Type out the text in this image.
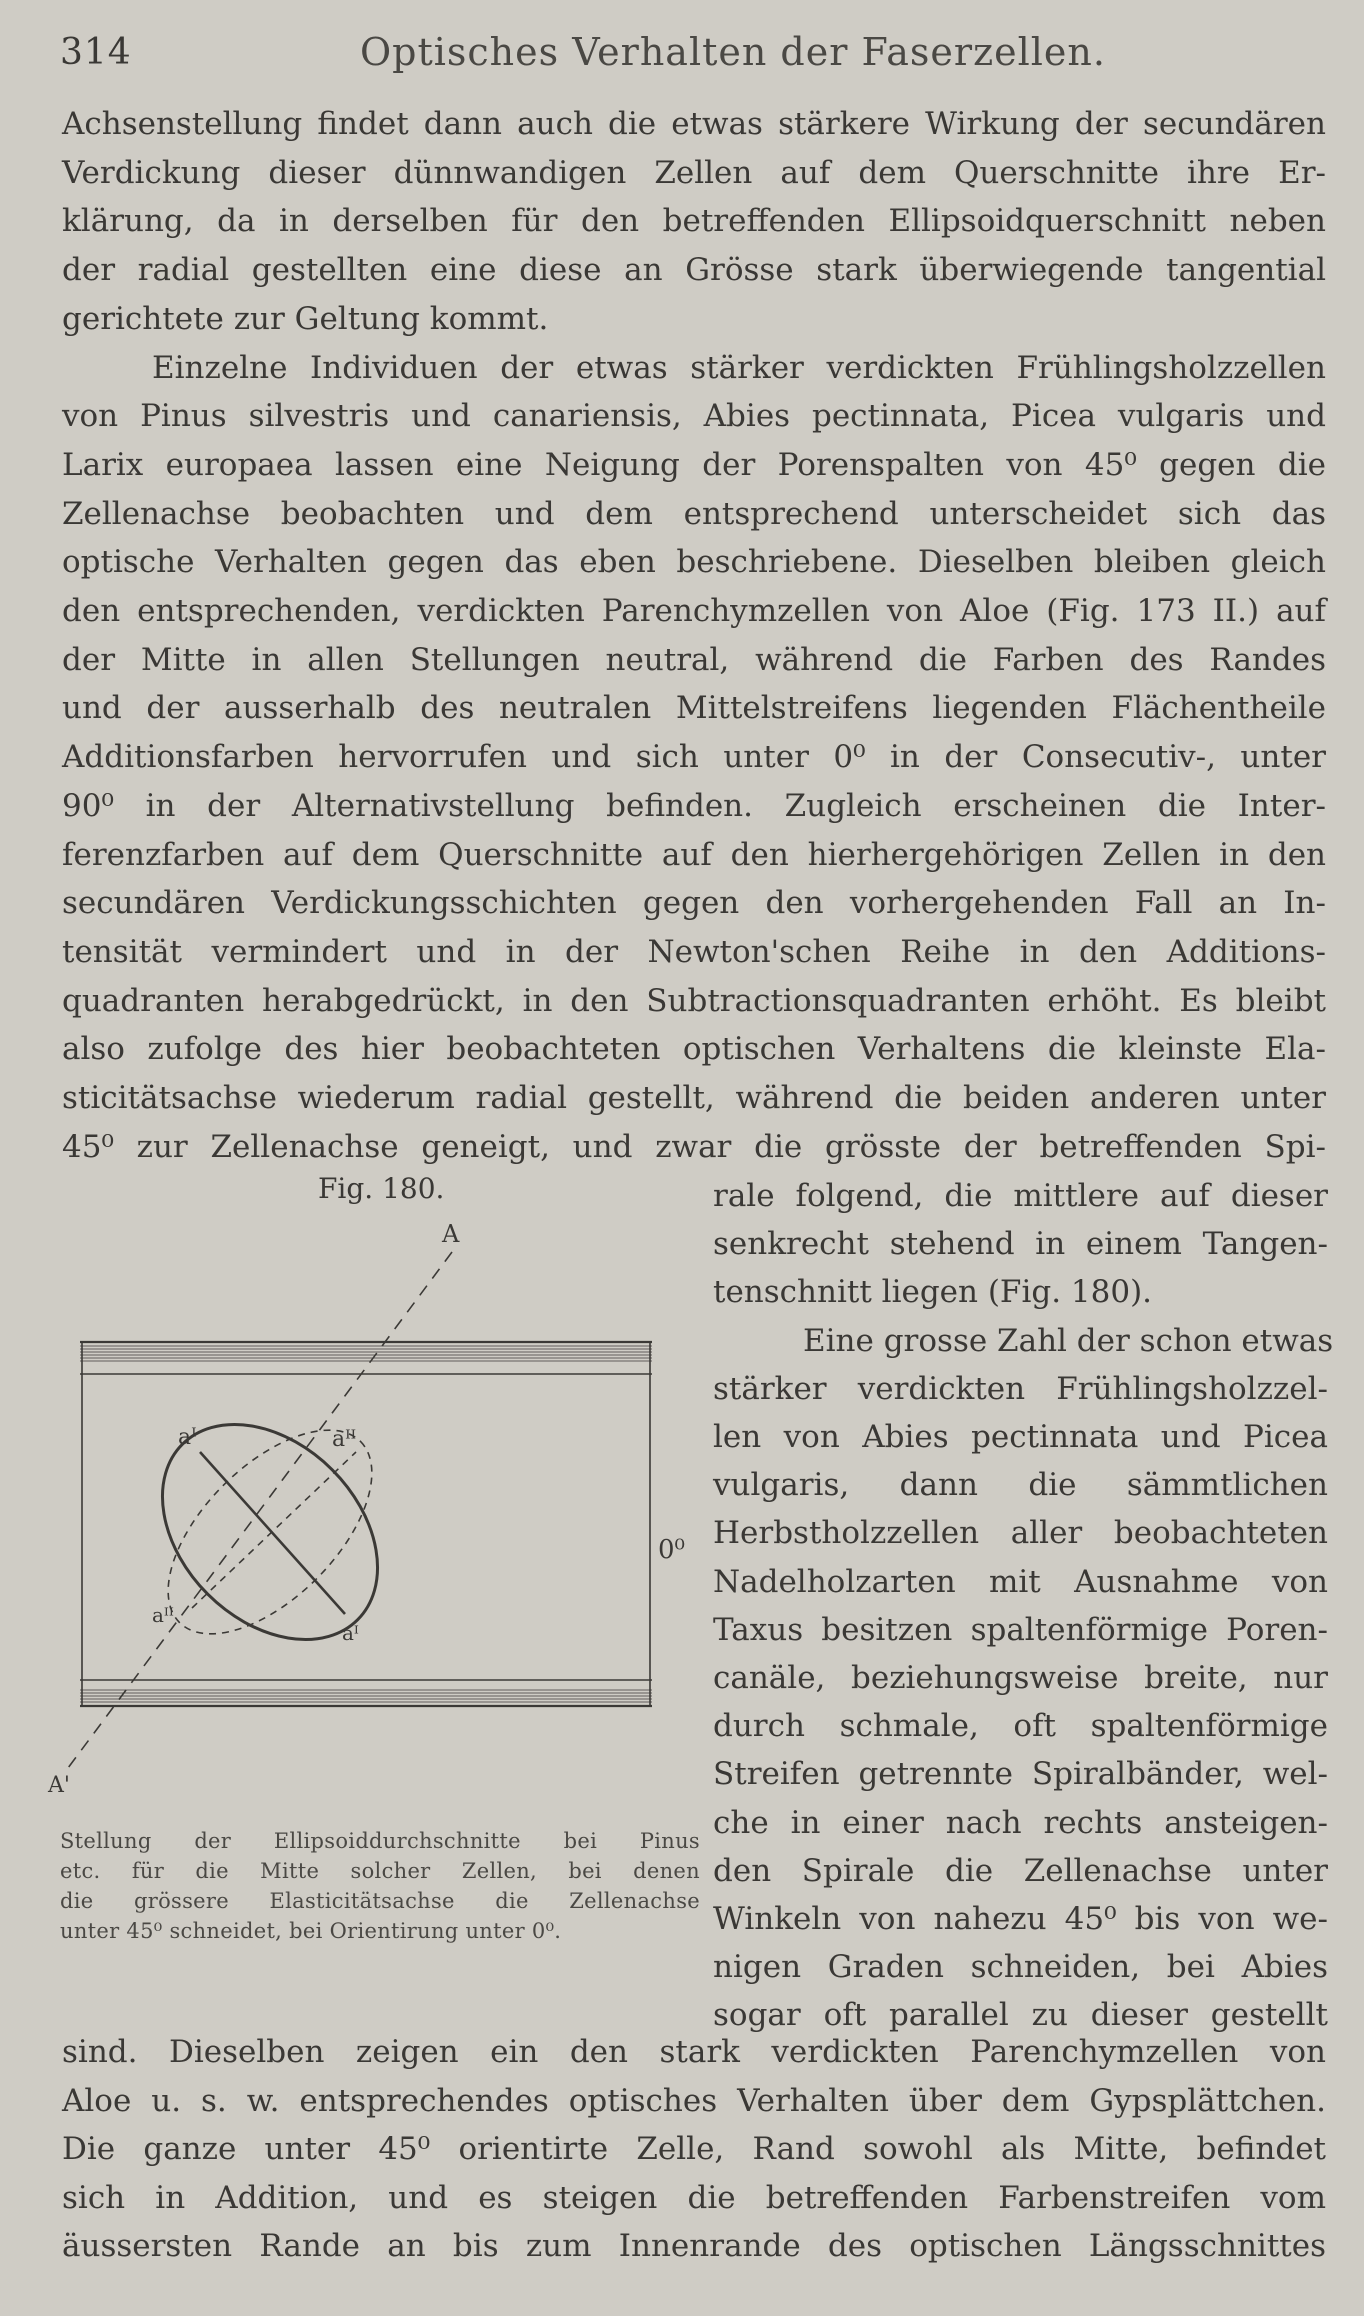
314	Optisches Verhalten der Faserzellen.
Achsenstellung findet dann auch die etwas stärkere Wirkung der secundären
Verdickung dieser dünnwandigen Zellen auf dem Querschnitte ihre Er-
klärung, da in derselben für den betreffenden Ellipsoidquerschnitt neben
der radial gestellten eine diese an Grösse stark überwiegende tangential
gerichtete zur Geltung kommt.
Einzelne Individuen der etwas stärker verdickten Frühlingsholzzellen
von Pinus silvestris und canariensis, Abies pectinnata, Picea vulgaris und
Larix europaea lassen eine Neigung der Porenspalten von 45⁰ gegen die
Zellenachse beobachten und dem entsprechend unterscheidet sich das
optische Verhalten gegen das eben beschriebene. Dieselben bleiben gleich
den entsprechenden, verdickten Parenchymzellen von Aloe (Fig. 173 II.) auf
der Mitte in allen Stellungen neutral, während die Farben des Randes
und der ausserhalb des neutralen Mittelstreifens liegenden Flächentheile
Additionsfarben hervorrufen und sich unter 0⁰ in der Consecutiv-, unter
90⁰ in der Alternativstellung befinden. Zugleich erscheinen die Inter-
ferenzfarben auf dem Querschnitte auf den hierhergehörigen Zellen in den
secundären Verdickungsschichten gegen den vorhergehenden Fall an In-
tensität vermindert und in der Newton'schen Reihe in den Additions-
quadranten herabgedrückt, in den Subtractionsquadranten erhöht. Es bleibt
also zufolge des hier beobachteten optischen Verhaltens die kleinste Ela-
sticitätsachse wiederum radial gestellt, während die beiden anderen unter
45⁰ zur Zellenachse geneigt, und zwar die grösste der betreffenden Spi-
rale folgend, die mittlere auf dieser
senkrecht stehend in einem Tangen-
tenschnitt liegen (Fig. 180).
Eine grosse Zahl der schon etwas
stärker verdickten Frühlingsholzzel-
len von Abies pectinnata und Picea
vulgaris, dann die sämmtlichen
Herbstholzzellen aller beobachteten
Nadelholzarten mit Ausnahme von
Taxus besitzen spaltenförmige Poren-
canäle, beziehungsweise breite, nur
durch schmale, oft spaltenförmige
Streifen getrennte Spiralbänder, wel-
che in einer nach rechts ansteigen-
den Spirale die Zellenachse unter
Winkeln von nahezu 45⁰ bis von we-
nigen Graden schneiden, bei Abies
sogar oft parallel zu dieser gestellt
sind. Dieselben zeigen ein den stark verdickten Parenchymzellen von
Aloe u. s. w. entsprechendes optisches Verhalten über dem Gypsplättchen.
Die ganze unter 45⁰ orientirte Zelle, Rand sowohl als Mitte, befindet
sich in Addition, und es steigen die betreffenden Farbenstreifen vom
äussersten Rande an bis zum Innenrande des optischen Längsschnittes
Fig. 180.
A
A'
0⁰
aᴵ	aᴵᴵ
aᴵᴵ
aᴵ
Stellung der Ellipsoiddurchschnitte bei Pinus
etc. für die Mitte solcher Zellen, bei denen
die grössere Elasticitätsachse die Zellenachse
unter 45⁰ schneidet, bei Orientirung unter 0⁰.
